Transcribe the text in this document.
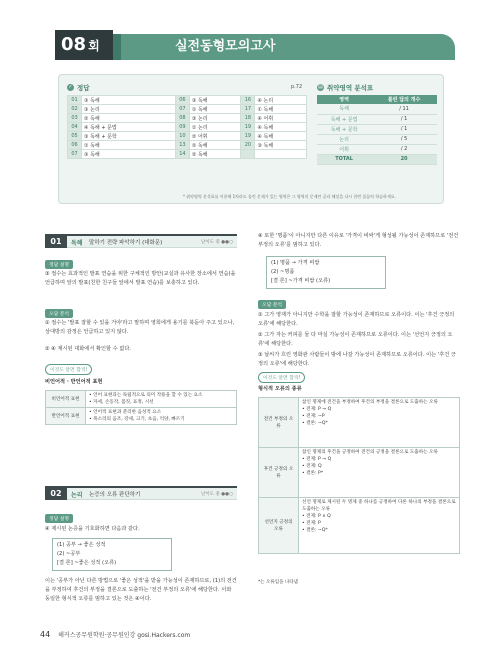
08 회	실전동형모의고사
✓ 정답	p.72
01	③ 독해	06	③ 독해	16	④ 논리
02	③ 논리	07	① 독해	17	① 독해
03	② 독해	08	③ 논리	18	④ 어휘
04	④ 독해 + 문법	09	① 논리	19	④ 독해
05	③ 독해 + 문학	10	② 어휘	19	④ 독해
06	① 독해	13	② 독해	20	③ 독해
07	③ 독해	14	② 독해		
▤ 취약영역 분석표
영역	틀린 답의 개수
독해	/ 11
독해 + 문법	/ 1
독해 + 문학	/ 1
논리	/ 5
어휘	/ 2
TOTAL	20
* 취약영역 분석표를 이용해 1차라도 틀린 문제가 있는 영역은 그 영역의 문제만 골라 해설을 다시 한번 꼼꼼히 학습하세요.
01	독해 말하기 전략 파악하기 (대화문)	난이도 중 ●●○
정답 설명
③ 절수는 효과적인 발표 연습을 위한 구체적인 방안(교실과 유사한 장소에서 연습)을 언급하며 앞의 발표(친한 친구들 앞에서 발표 연습)를 보충하고 있다.
오답 분석
① 절수는 '발표 잘할 수 있을 거야'라고 말하며 영희에게 용기를 북돋아 주고 있으나, 상대방의 감정은 언급하고 있지 않다.
② ④ 제시된 대화에서 확인할 수 없다.
이것도 알면 합격!
비언어적 · 반언어적 표현
비언어적 표현	• 언어 표현과는 독립적으로 의미 작용을 할 수 있는 요소
• 자세, 손동작, 몸짓, 표정, 시선

반언어적 표현	• 언어적 표현과 분리한 음성적 요소
• 목소리의 음조, 강세, 크기, 초음, 억양, 빠르기
02	논리 논증의 오류 판단하기	난이도 중 ●●○
정답 설명
④ 제시된 논증을 기호화하면 다음과 같다.
(1) 공부 → 좋은 성적
(2) ~공부
[결 론] ~좋은 성적 (오류)
이는 '공부가 아닌 다른 방법으로 '좋은 성적'을 받을 가능성이 존재하므로, (1)의 전건을 부정하여 후건의 부정을 결론으로 도출하는 '전건 부정의 오류'에 해당한다. 이와 동일한 형식적 오류를 범하고 있는 것은 ④이다.
④ 또한 '명품'이 아니지만 다른 이유로 '가격이 비싸'게 형성될 가능성이 존재하므로 '전건 부정의 오류'를 범하고 있다.
(1) 명품 → 가격 비쌈
(2) ~명품
[결 론] ~가격 비쌈 (오류)
오답 분석
① 그가 영재가 아니지만 수학을 잘할 가능성이 존재하므로 오류이다. 이는 '후건 긍정의 오류'에 해당한다.
② 그가 자는 커피를 둘 다 마실 가능성이 존재하므로 오류이다. 이는 '선언지 긍정의 오류'에 해당한다.
③ 날씨가 흐린 영화관 사람들이 밖에 나갈 가능성이 존재하므로 오류이다. 이는 '후건 긍정의 오류'에 해당한다.
이것도 알면 합격!
형식적 오류의 종류
전건 부정의 오류	참인 명제에 전건을 부정하여 후건의 부정을 결론으로 도출하는 오류
• 전제: P → Q
• 전제: ~P
• 결론: ~Q*

후건 긍정의 오류	참인 명제의 후건을 긍정하여 전건의 긍정을 결론으로 도출하는 오류
• 전제: P → Q
• 전제: Q
• 결론: P*

선언지 긍정의 오류	선언 명제로 제시된 두 명제 중 하나를 긍정하여 다른 하나의 부정을 결론으로 도출하는 오류
• 전제: P ∨ Q
• 전제: P
• 결론: ~Q*
*는 오류임을 나타냄
44 해커스공무원학원·공무원인강 gosi.Hackers.com
